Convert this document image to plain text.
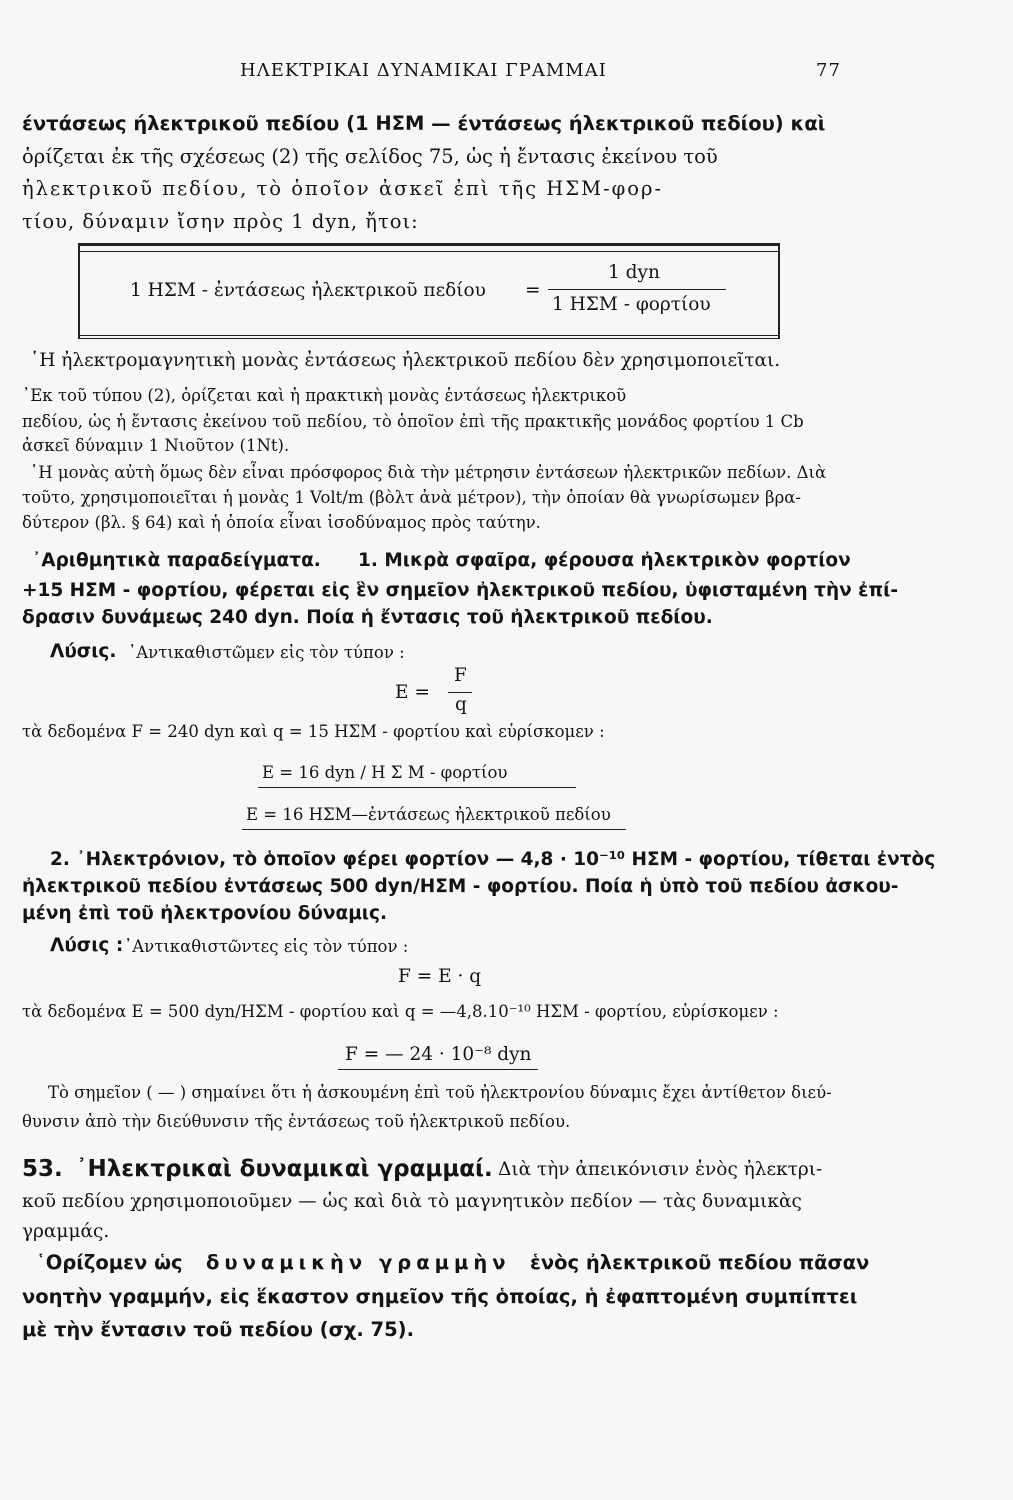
ΗΛΕΚΤΡΙΚΑΙ ΔΥΝΑΜΙΚΑΙ ΓΡΑΜΜΑΙ	77
έντάσεως ήλεκτρικοῦ πεδίου (1 ΗΣΜ — έντάσεως ήλεκτρικοῦ πεδίου) καὶ
ὁρίζεται ἐκ τῆς σχέσεως (2) τῆς σελίδος 75, ὡς ἡ ἔντασις ἐκείνου τοῦ
ἠλεκτρικοῦ πεδίου, τὸ ὁποῖον ἀσκεῖ ἐπὶ τῆς ΗΣΜ-φορ-
τίου, δύναμιν ἴσην πρὸς 1 dyn, ἤτοι:
1 ΗΣΜ - ἐντάσεως ἠλεκτρικοῦ πεδίου =
1 dyn
1 ΗΣΜ - φορτίου
῾Η ἠλεκτρομαγνητικὴ μονὰς ἐντάσεως ἠλεκτρικοῦ πεδίου δὲν χρησιμοποιεῖται.
᾿Εκ τοῦ τύπου (2), ὁρίζεται καὶ ἡ πρακτικὴ μονὰς ἐντάσεως ἠλεκτρικοῦ
πεδίου, ὡς ἡ ἔντασις ἐκείνου τοῦ πεδίου, τὸ ὁποῖον ἐπὶ τῆς πρακτικῆς μονάδος φορτίου 1 Cb
ἀσκεῖ δύναμιν 1 Νιοῦτον (1Nt).
῾Η μονὰς αὐτὴ ὅμως δὲν εἶναι πρόσφορος διὰ τὴν μέτρησιν ἐντάσεων ἠλεκτρικῶν πεδίων. Διὰ
τοῦτο, χρησιμοποιεῖται ἡ μονὰς 1 Volt/m (βὸλτ ἀνὰ μέτρον), τὴν ὁποίαν θὰ γνωρίσωμεν βρα-
δύτερον (βλ. § 64) καὶ ἡ ὁποία εἶναι ἰσοδύναμος πρὸς ταύτην.
᾿Αριθμητικὰ παραδείγματα. 1. Μικρὰ σφαῖρα, φέρουσα ἠλεκτρικὸν φορτίον
+15 ΗΣΜ - φορτίου, φέρεται εἰς ἓν σημεῖον ἠλεκτρικοῦ πεδίου, ὑφισταμένη τὴν ἐπί-
δρασιν δυνάμεως 240 dyn. Ποία ἡ ἔντασις τοῦ ἠλεκτρικοῦ πεδίου.
Λύσις. ᾿Αντικαθιστῶμεν εἰς τὸν τύπον :
E =
F
q
τὰ δεδομένα F = 240 dyn καὶ q = 15 ΗΣΜ - φορτίου καὶ εὑρίσκομεν :
E = 16 dyn / Η Σ Μ - φορτίου
E = 16 ΗΣΜ—ἐντάσεως ἠλεκτρικοῦ πεδίου
2. ᾿Ηλεκτρόνιον, τὸ ὁποῖον φέρει φορτίον — 4,8 · 10⁻¹⁰ ΗΣΜ - φορτίου, τίθεται ἐντὸς
ἠλεκτρικοῦ πεδίου ἐντάσεως 500 dyn/ΗΣΜ - φορτίου. Ποία ἡ ὑπὸ τοῦ πεδίου ἀσκου-
μένη ἐπὶ τοῦ ἠλεκτρονίου δύναμις.
Λύσις : ᾿Αντικαθιστῶντες εἰς τὸν τύπον :
F = E · q
τὰ δεδομένα E = 500 dyn/ΗΣΜ - φορτίου καὶ q = —4,8.10⁻¹⁰ ΗΣΜ - φορτίου, εὑρίσκομεν :
F = — 24 · 10⁻⁸ dyn
Τὸ σημεῖον ( — ) σημαίνει ὅτι ἡ ἀσκουμένη ἐπὶ τοῦ ἠλεκτρονίου δύναμις ἔχει ἀντίθετον διεύ-
θυνσιν ἀπὸ τὴν διεύθυνσιν τῆς ἐντάσεως τοῦ ἠλεκτρικοῦ πεδίου.
53. ᾿Ηλεκτρικαὶ δυναμικαὶ γραμμαί. Διὰ τὴν ἀπεικόνισιν ἑνὸς ἠλεκτρι-
κοῦ πεδίου χρησιμοποιοῦμεν — ὡς καὶ διὰ τὸ μαγνητικὸν πεδίον — τὰς δυναμικὰς
γραμμάς.
῾Ορίζομεν ὡς δυναμικὴν γραμμὴν ἑνὸς ἠλεκτρικοῦ πεδίου πᾶσαν
νοητὴν γραμμήν, εἰς ἕκαστον σημεῖον τῆς ὁποίας, ἡ ἐφαπτομένη συμπίπτει
μὲ τὴν ἔντασιν τοῦ πεδίου (σχ. 75).
